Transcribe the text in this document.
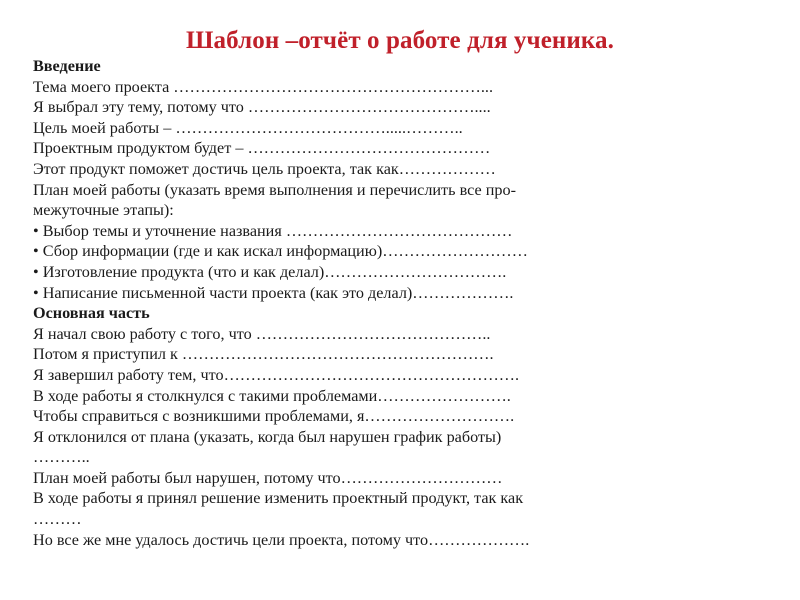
Шаблон –отчёт о работе для ученика.
Введение
Тема моего проекта …………………………………………………...
Я выбрал эту тему, потому что ……………………………………....
Цель моей работы – ………………………………….....………..
Проектным продуктом будет – ………………………………………
Этот продукт поможет достичь цель проекта, так как………………
План моей работы (указать время выполнения и перечислить все про-
межуточные этапы):
• Выбор темы и уточнение названия ……………………………………
• Сбор информации (где и как искал информацию)………………………
• Изготовление продукта (что и как делал)…………………………….
• Написание письменной части проекта (как это делал)……………….
Основная часть
Я начал свою работу с того, что ……………………………………..
Потом я приступил к ………………………………………………….
Я завершил работу тем, что……………………………………………….
В ходе работы я столкнулся с такими проблемами…………………….
Чтобы справиться с возникшими проблемами, я……………………….
Я отклонился от плана (указать, когда был нарушен график работы)
………..
План моей работы был нарушен, потому что…………………………
В ходе работы я принял решение изменить проектный продукт, так как
………
Но все же мне удалось достичь цели проекта, потому что……………….
